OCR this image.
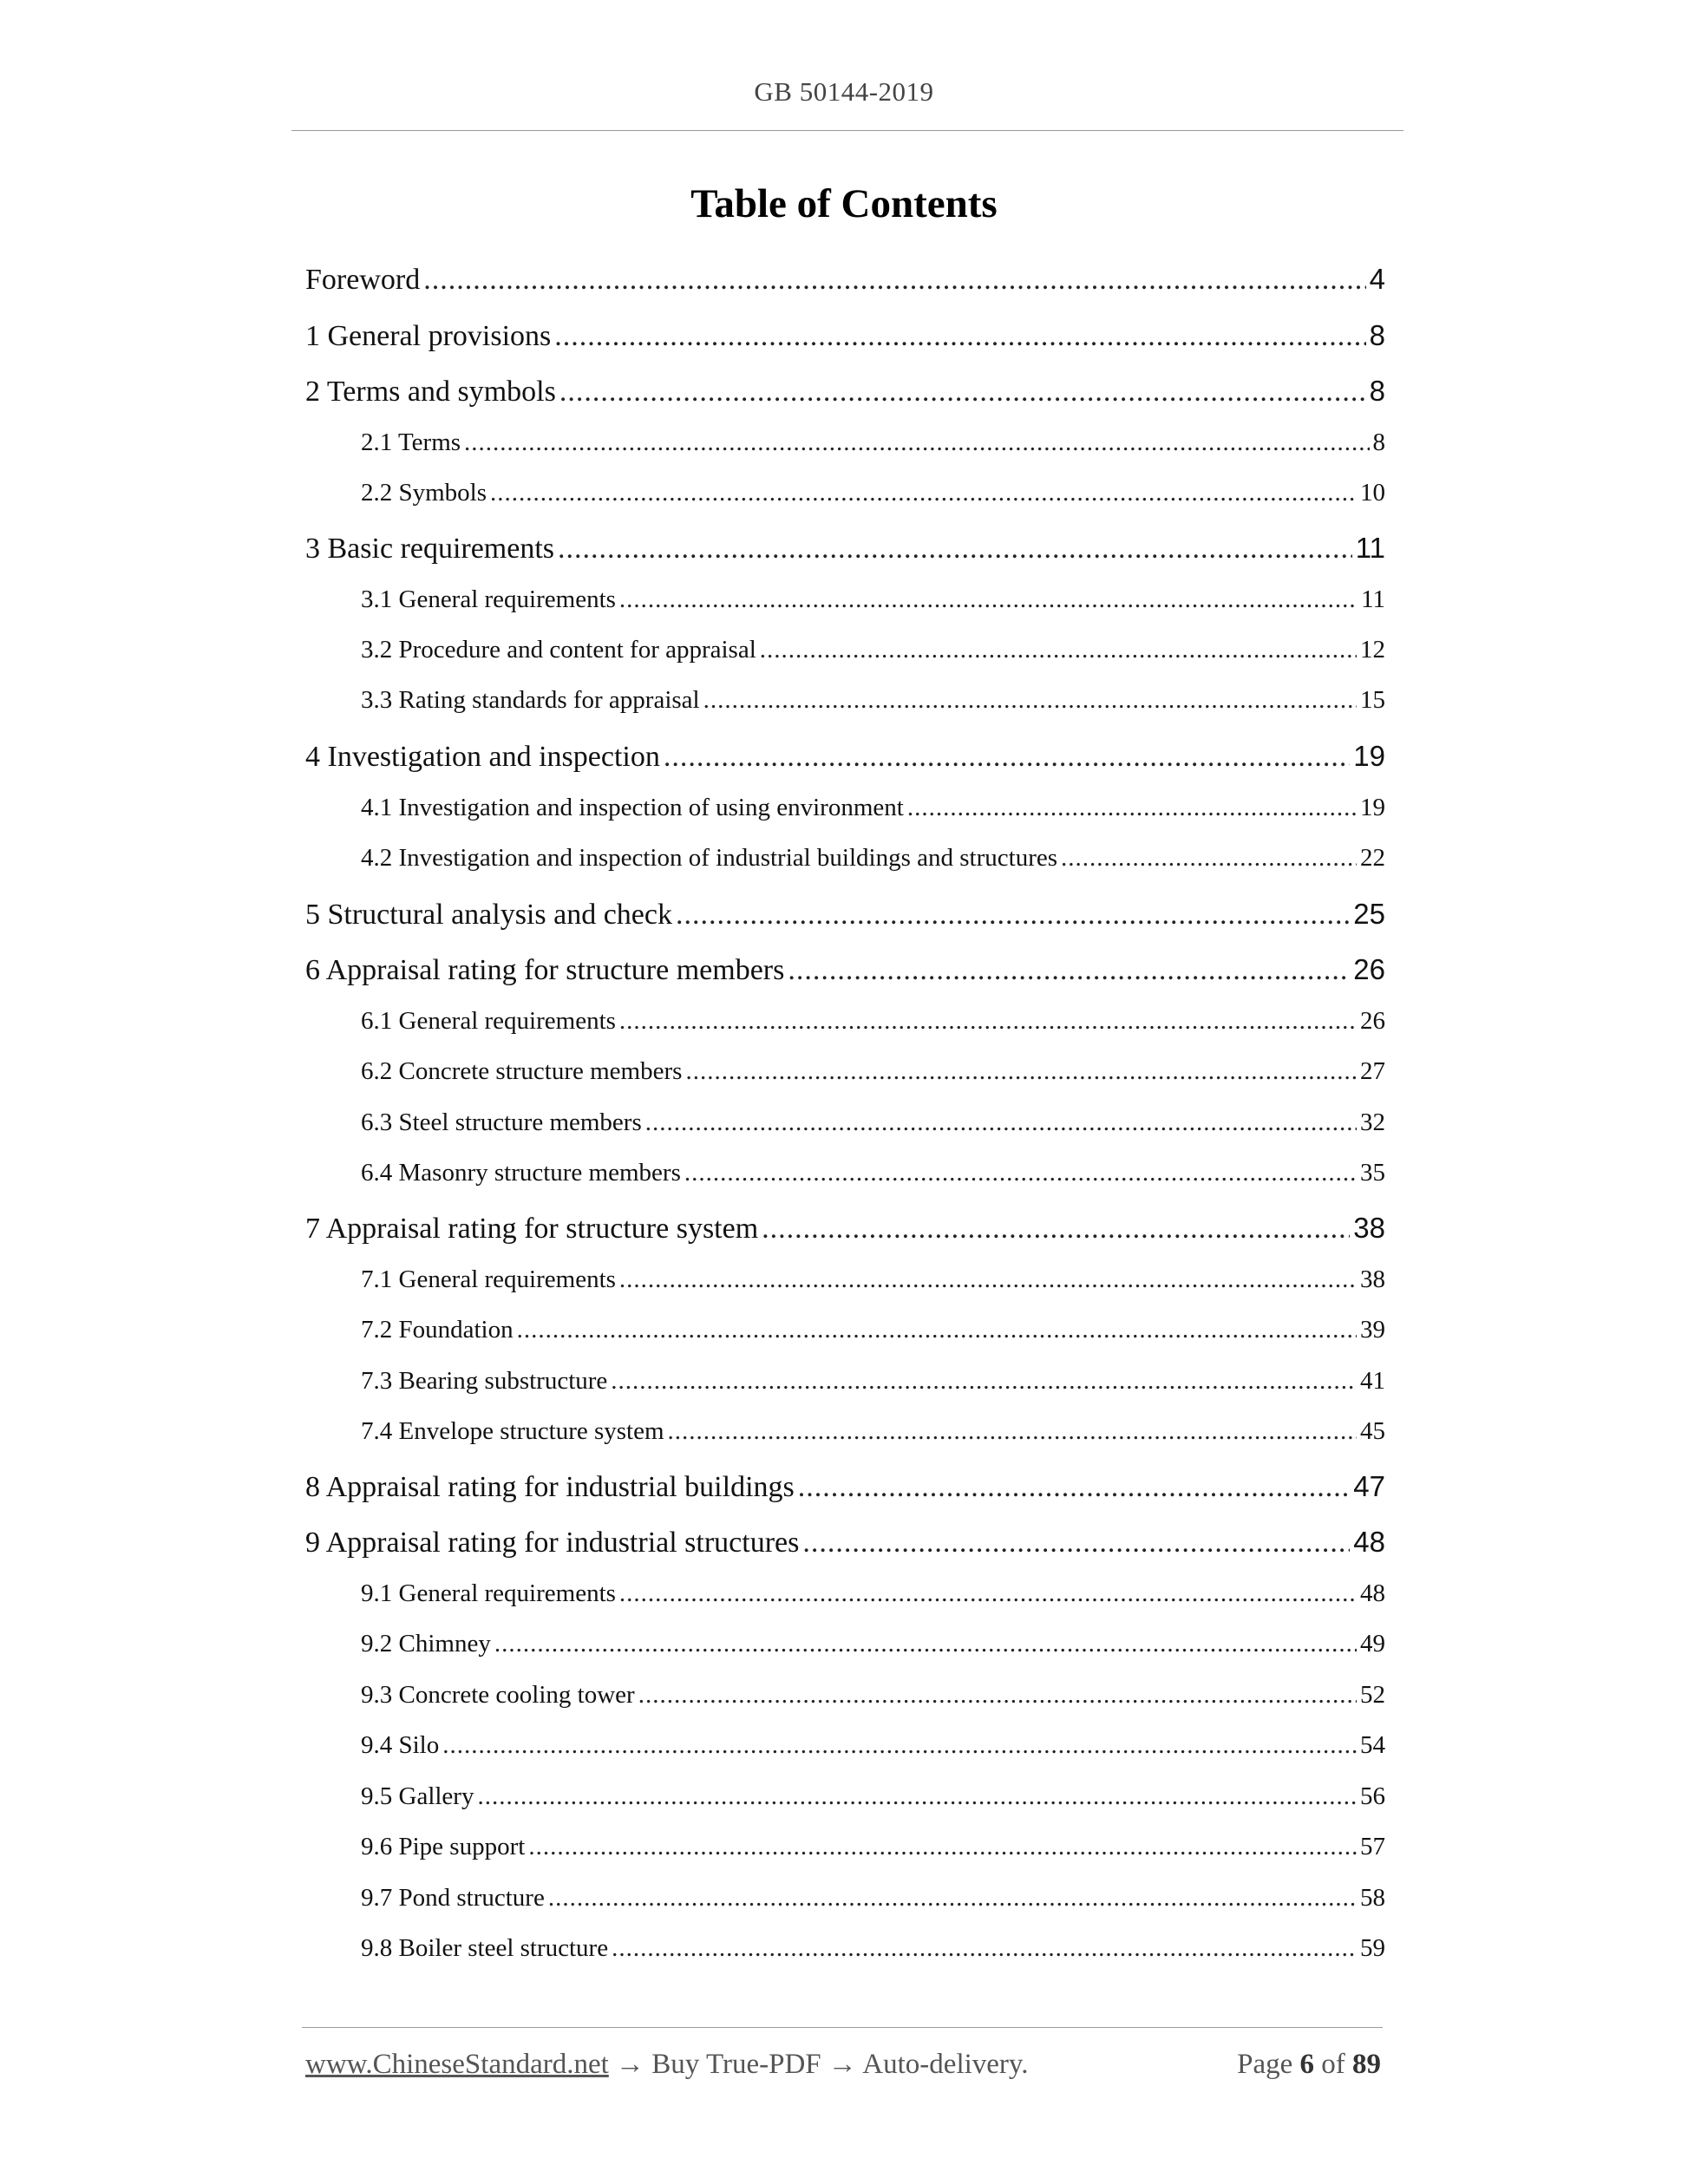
GB 50144-2019
Table of Contents
Foreword .....	4
1 General provisions .....	8
2 Terms and symbols .....	8
2.1 Terms .....	8
2.2 Symbols .....	10
3 Basic requirements .....	11
3.1 General requirements .....	11
3.2 Procedure and content for appraisal .....	12
3.3 Rating standards for appraisal .....	15
4 Investigation and inspection .....	19
4.1 Investigation and inspection of using environment .....	19
4.2 Investigation and inspection of industrial buildings and structures .....	22
5 Structural analysis and check .....	25
6 Appraisal rating for structure members .....	26
6.1 General requirements .....	26
6.2 Concrete structure members .....	27
6.3 Steel structure members .....	32
6.4 Masonry structure members .....	35
7 Appraisal rating for structure system .....	38
7.1 General requirements .....	38
7.2 Foundation .....	39
7.3 Bearing substructure .....	41
7.4 Envelope structure system .....	45
8 Appraisal rating for industrial buildings .....	47
9 Appraisal rating for industrial structures .....	48
9.1 General requirements .....	48
9.2 Chimney .....	49
9.3 Concrete cooling tower .....	52
9.4 Silo .....	54
9.5 Gallery .....	56
9.6 Pipe support .....	57
9.7 Pond structure .....	58
9.8 Boiler steel structure .....	59
www.ChineseStandard.net → Buy True-PDF → Auto-delivery.	Page 6 of 89
